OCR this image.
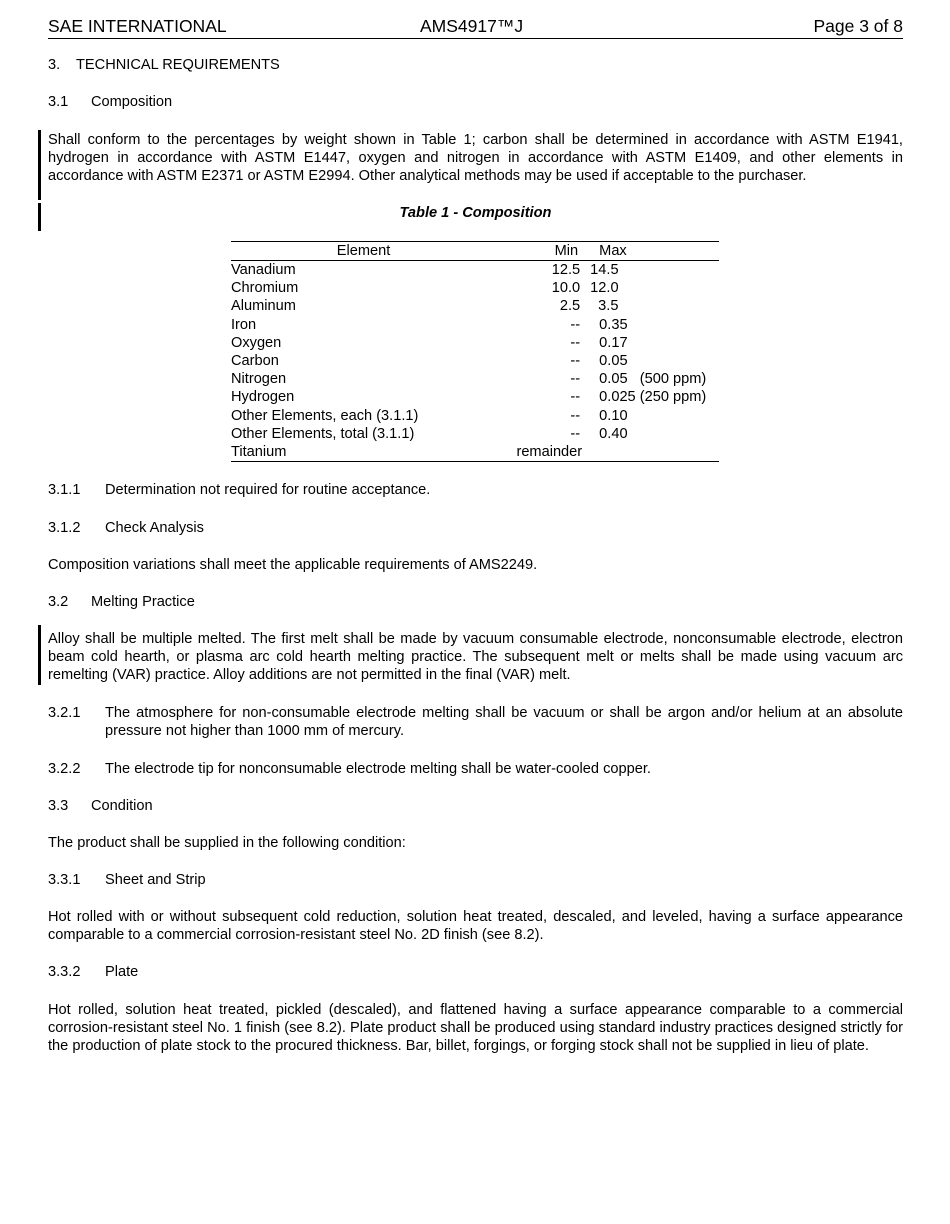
SAE INTERNATIONAL	AMS4917™J	Page 3 of 8
3. TECHNICAL REQUIREMENTS
3.1 Composition
Shall conform to the percentages by weight shown in Table 1; carbon shall be determined in accordance with ASTM E1941, hydrogen in accordance with ASTM E1447, oxygen and nitrogen in accordance with ASTM E1409, and other elements in accordance with ASTM E2371 or ASTM E2994. Other analytical methods may be used if acceptable to the purchaser.
Table 1 - Composition
Element	Min	Max
Vanadium	12.5	14.5
Chromium	10.0	12.0
Aluminum	2.5	3.5
Iron	--	0.35
Oxygen	--	0.17
Carbon	--	0.05
Nitrogen	--	0.05   (500 ppm)
Hydrogen	--	0.025 (250 ppm)
Other Elements, each (3.1.1)	--	0.10
Other Elements, total (3.1.1)	--	0.40
Titanium	remainder	
3.1.1 Determination not required for routine acceptance.
3.1.2 Check Analysis
Composition variations shall meet the applicable requirements of AMS2249.
3.2 Melting Practice
Alloy shall be multiple melted. The first melt shall be made by vacuum consumable electrode, nonconsumable electrode, electron beam cold hearth, or plasma arc cold hearth melting practice. The subsequent melt or melts shall be made using vacuum arc remelting (VAR) practice. Alloy additions are not permitted in the final (VAR) melt.
3.2.1	The atmosphere for non-consumable electrode melting shall be vacuum or shall be argon and/or helium at an absolute pressure not higher than 1000 mm of mercury.
3.2.2 The electrode tip for nonconsumable electrode melting shall be water-cooled copper.
3.3 Condition
The product shall be supplied in the following condition:
3.3.1 Sheet and Strip
Hot rolled with or without subsequent cold reduction, solution heat treated, descaled, and leveled, having a surface appearance comparable to a commercial corrosion-resistant steel No. 2D finish (see 8.2).
3.3.2 Plate
Hot rolled, solution heat treated, pickled (descaled), and flattened having a surface appearance comparable to a commercial corrosion-resistant steel No. 1 finish (see 8.2). Plate product shall be produced using standard industry practices designed strictly for the production of plate stock to the procured thickness. Bar, billet, forgings, or forging stock shall not be supplied in lieu of plate.
